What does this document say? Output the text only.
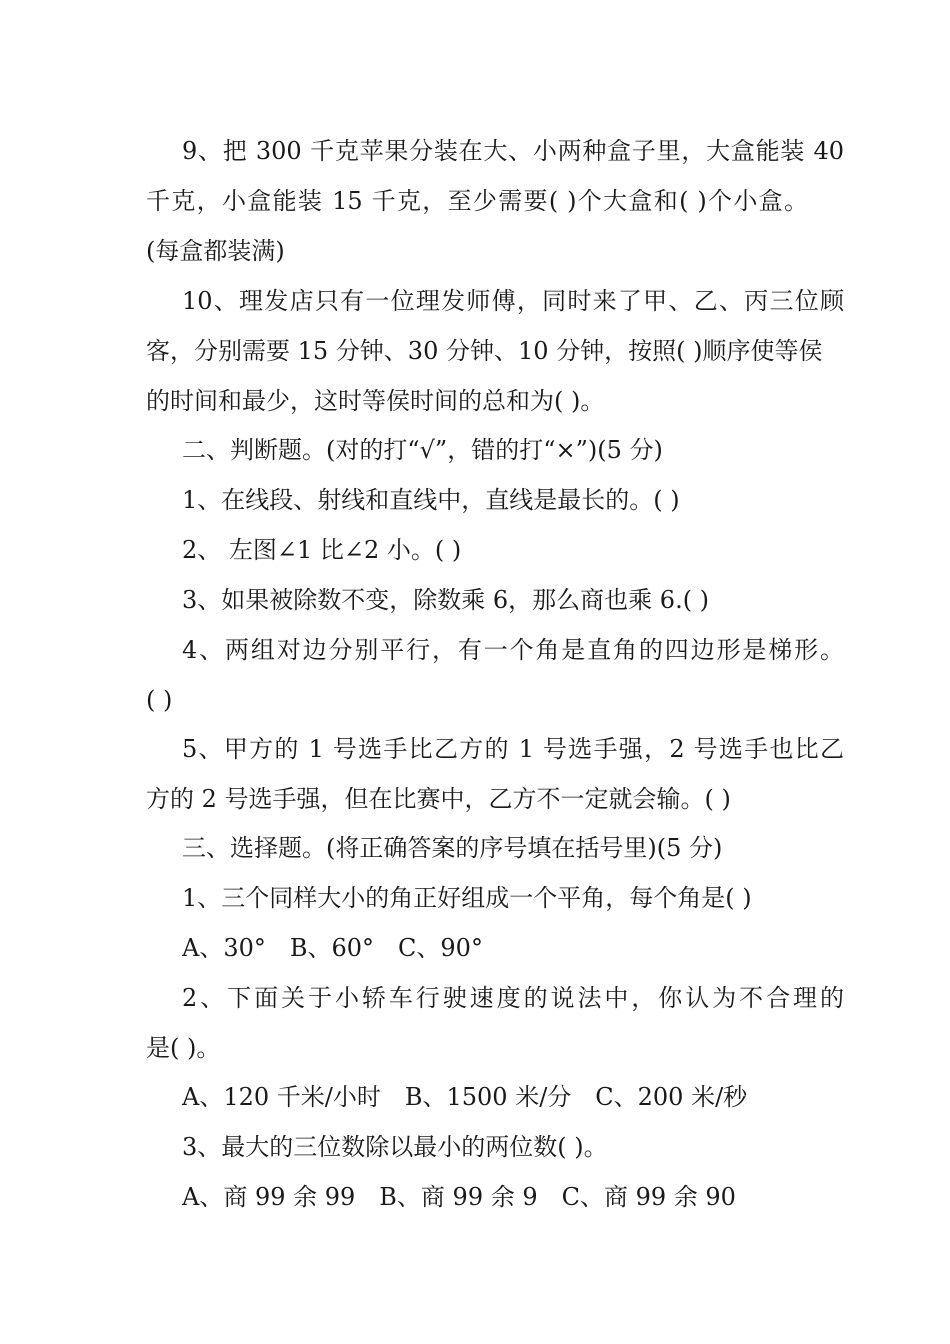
9、把 300 千克苹果分装在大、小两种盒子里，大盒能装 40
千克，小盒能装 15 千克，至少需要( )个大盒和( )个小盒。
(每盒都装满)
10、理发店只有一位理发师傅，同时来了甲、乙、丙三位顾
客，分别需要 15 分钟、30 分钟、10 分钟，按照( )顺序使等侯
的时间和最少，这时等侯时间的总和为( )。
二、判断题。(对的打“√”，错的打“×”)(5 分)
1、在线段、射线和直线中，直线是最长的。( )
2、 左图∠1 比∠2 小。( )
3、如果被除数不变，除数乘 6，那么商也乘 6.( )
4、两组对边分别平行，有一个角是直角的四边形是梯形。
( )
5、甲方的 1 号选手比乙方的 1 号选手强，2 号选手也比乙
方的 2 号选手强，但在比赛中，乙方不一定就会输。( )
三、选择题。(将正确答案的序号填在括号里)(5 分)
1、三个同样大小的角正好组成一个平角，每个角是( )
A、30°　B、60°　C、90°
2、下面关于小轿车行驶速度的说法中，你认为不合理的
是( )。
A、120 千米/小时　B、1500 米/分　C、200 米/秒
3、最大的三位数除以最小的两位数( )。
A、商 99 余 99　B、商 99 余 9　C、商 99 余 90
